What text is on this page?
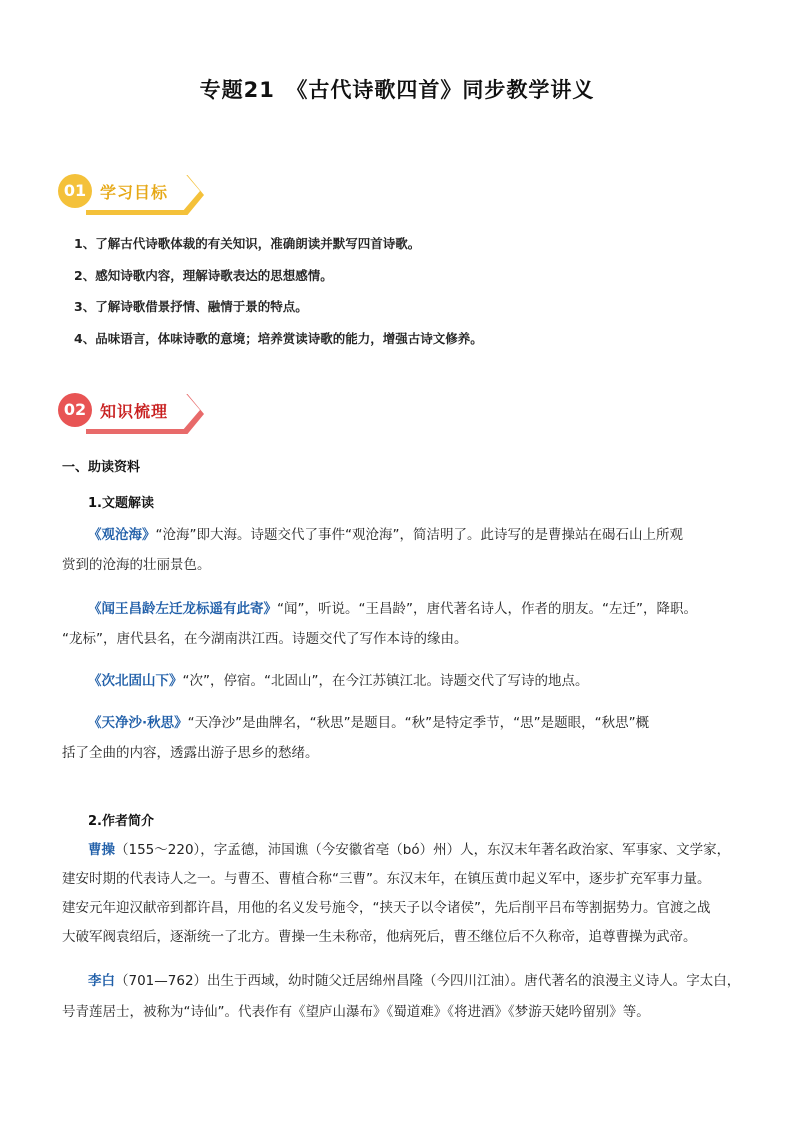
专题21　《古代诗歌四首》同步教学讲义
01 学习目标
1、了解古代诗歌体裁的有关知识，准确朗读并默写四首诗歌。
2、感知诗歌内容，理解诗歌表达的思想感情。
3、了解诗歌借景抒情、融情于景的特点。
4、品味语言，体味诗歌的意境；培养赏读诗歌的能力，增强古诗文修养。
02 知识梳理
一、助读资料
1.文题解读
《观沧海》“沧海”即大海。诗题交代了事件“观沧海”，简洁明了。此诗写的是曹操站在碣石山上所观
赏到的沧海的壮丽景色。
《闻王昌龄左迁龙标遥有此寄》“闻”，听说。“王昌龄”，唐代著名诗人，作者的朋友。“左迁”，降职。
“龙标”，唐代县名，在今湖南洪江西。诗题交代了写作本诗的缘由。
《次北固山下》“次”，停宿。“北固山”，在今江苏镇江北。诗题交代了写诗的地点。
《天净沙·秋思》“天净沙”是曲牌名，“秋思”是题目。“秋”是特定季节，“思”是题眼，“秋思”概
括了全曲的内容，透露出游子思乡的愁绪。
2.作者简介
曹操（155～220），字孟德，沛国谯（今安徽省亳（bó）州）人，东汉末年著名政治家、军事家、文学家，
建安时期的代表诗人之一。与曹丕、曹植合称“三曹”。东汉末年，在镇压黄巾起义军中，逐步扩充军事力量。
建安元年迎汉献帝到都许昌，用他的名义发号施令，“挟天子以令诸侯”，先后削平吕布等割据势力。官渡之战
大破军阀袁绍后，逐渐统一了北方。曹操一生未称帝，他病死后，曹丕继位后不久称帝，追尊曹操为武帝。
李白（701—762）出生于西域，幼时随父迁居绵州昌隆（今四川江油）。唐代著名的浪漫主义诗人。字太白，
号青莲居士，被称为“诗仙”。代表作有《望庐山瀑布》《蜀道难》《将进酒》《梦游天姥吟留别》等。
